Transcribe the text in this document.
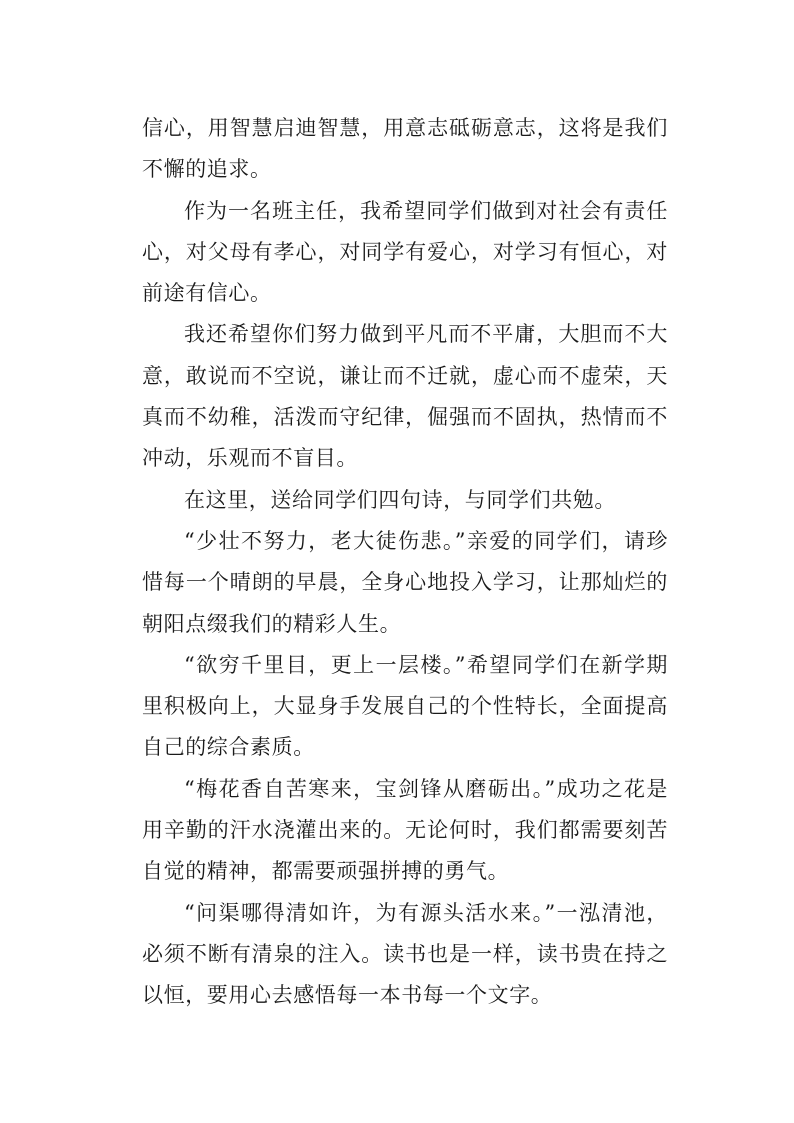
信心，用智慧启迪智慧，用意志砥砺意志，这将是我们不懈的追求。

作为一名班主任，我希望同学们做到对社会有责任心，对父母有孝心，对同学有爱心，对学习有恒心，对前途有信心。

我还希望你们努力做到平凡而不平庸，大胆而不大意，敢说而不空说，谦让而不迁就，虚心而不虚荣，天真而不幼稚，活泼而守纪律，倔强而不固执，热情而不冲动，乐观而不盲目。

在这里，送给同学们四句诗，与同学们共勉。

“少壮不努力，老大徒伤悲。”亲爱的同学们，请珍惜每一个晴朗的早晨，全身心地投入学习，让那灿烂的朝阳点缀我们的精彩人生。

“欲穷千里目，更上一层楼。”希望同学们在新学期里积极向上，大显身手发展自己的个性特长，全面提高自己的综合素质。

“梅花香自苦寒来，宝剑锋从磨砺出。”成功之花是用辛勤的汗水浇灌出来的。无论何时，我们都需要刻苦自觉的精神，都需要顽强拼搏的勇气。

“问渠哪得清如许，为有源头活水来。”一泓清池，必须不断有清泉的注入。读书也是一样，读书贵在持之以恒，要用心去感悟每一本书每一个文字。
